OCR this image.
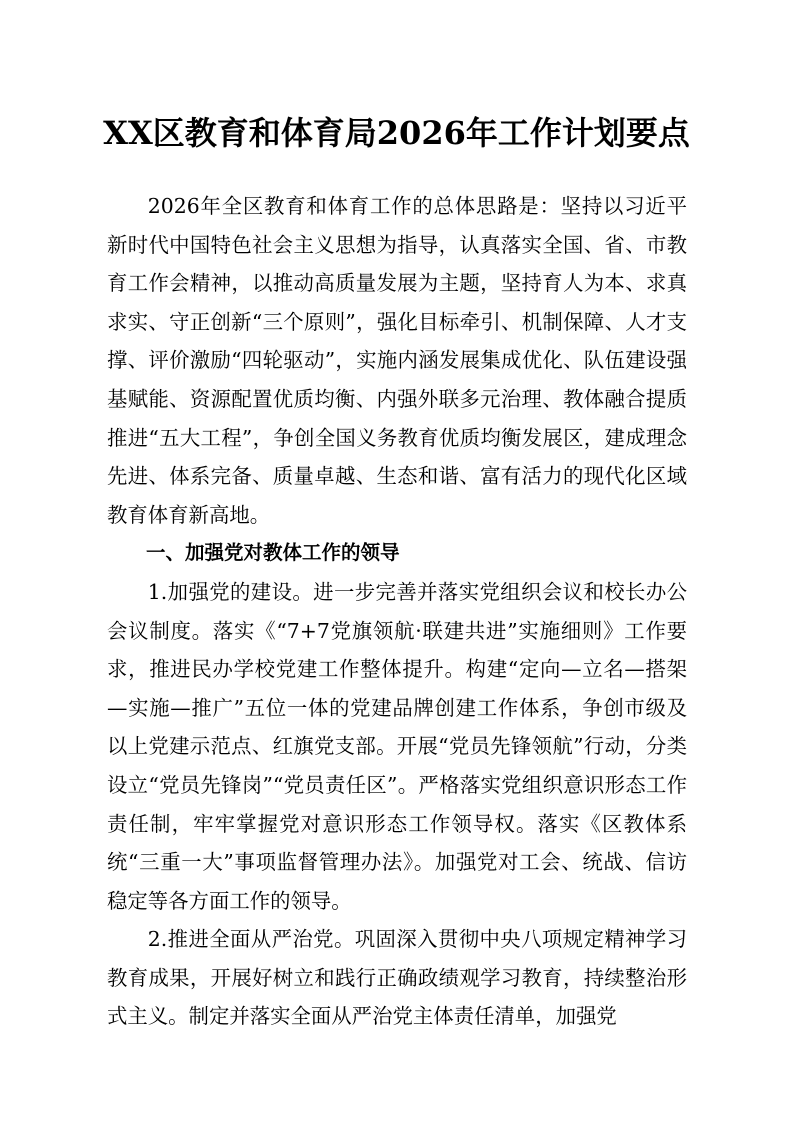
XX区教育和体育局2026年工作计划要点

2026年全区教育和体育工作的总体思路是：坚持以习近平新时代中国特色社会主义思想为指导，认真落实全国、省、市教育工作会精神，以推动高质量发展为主题，坚持育人为本、求真求实、守正创新“三个原则”，强化目标牵引、机制保障、人才支撑、评价激励“四轮驱动”，实施内涵发展集成优化、队伍建设强基赋能、资源配置优质均衡、内强外联多元治理、教体融合提质推进“五大工程”，争创全国义务教育优质均衡发展区，建成理念先进、体系完备、质量卓越、生态和谐、富有活力的现代化区域教育体育新高地。

一、加强党对教体工作的领导

1.加强党的建设。进一步完善并落实党组织会议和校长办公会议制度。落实《“7+7党旗领航·联建共进”实施细则》工作要求，推进民办学校党建工作整体提升。构建“定向—立名—搭架—实施—推广”五位一体的党建品牌创建工作体系，争创市级及以上党建示范点、红旗党支部。开展“党员先锋领航”行动，分类设立“党员先锋岗”“党员责任区”。严格落实党组织意识形态工作责任制，牢牢掌握党对意识形态工作领导权。落实《区教体系统“三重一大”事项监督管理办法》。加强党对工会、统战、信访稳定等各方面工作的领导。

2.推进全面从严治党。巩固深入贯彻中央八项规定精神学习教育成果，开展好树立和践行正确政绩观学习教育，持续整治形式主义。制定并落实全面从严治党主体责任清单，加强党
